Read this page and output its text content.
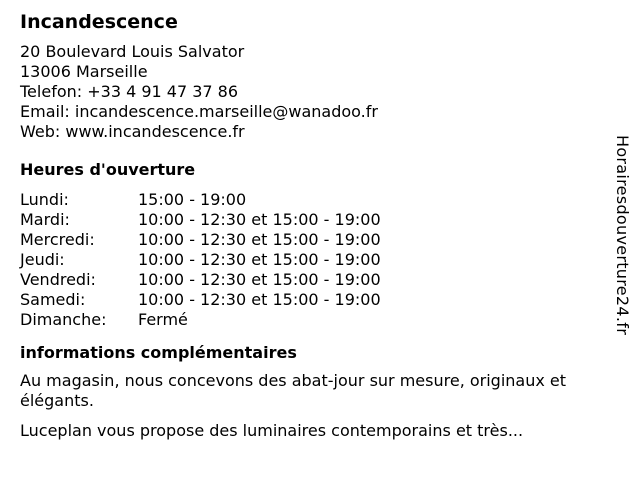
Incandescence
20 Boulevard Louis Salvator
13006 Marseille
Telefon: +33 4 91 47 37 86
Email: incandescence.marseille@wanadoo.fr
Web: www.incandescence.fr
Heures d'ouverture
Lundi:	15:00 - 19:00
Mardi:	10:00 - 12:30 et 15:00 - 19:00
Mercredi:	10:00 - 12:30 et 15:00 - 19:00
Jeudi:	10:00 - 12:30 et 15:00 - 19:00
Vendredi:	10:00 - 12:30 et 15:00 - 19:00
Samedi:	10:00 - 12:30 et 15:00 - 19:00
Dimanche:	Fermé
informations complémentaires

Au magasin, nous concevons des abat-jour sur mesure, originaux et élégants.

Luceplan vous propose des luminaires contemporains et très...

Horairesdouverture24.fr
